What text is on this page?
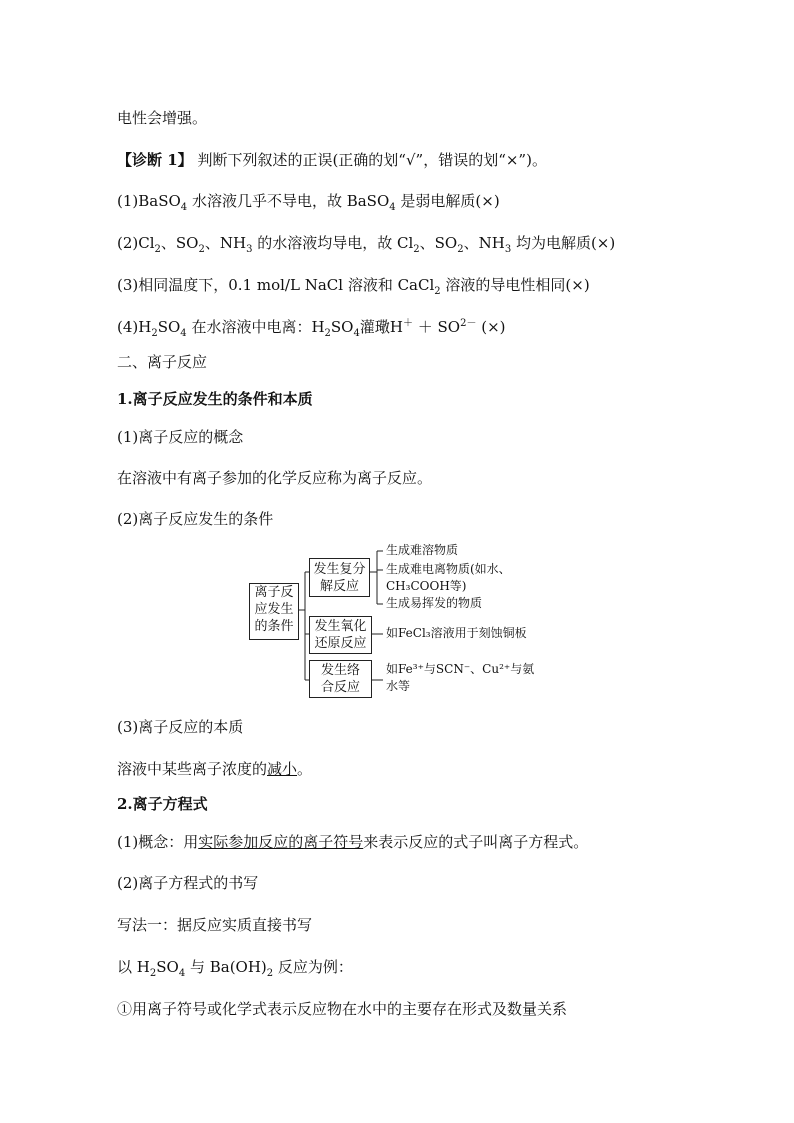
电性会增强。
【诊断 1】 判断下列叙述的正误(正确的划“√”，错误的划“×”)。
(1)BaSO$_4$ 水溶液几乎不导电，故 BaSO$_4$ 是弱电解质(×)
$(2)Cl_2$、$SO_2$、$NH_3$ 的水溶液均导电，故 $Cl_2$、$SO_2$、$NH_3$ 均为电解质(×)
(3)相同温度下，0.1 mol/L NaCl 溶液和 CaCl$_2$ 溶液的导电性相同(×)
$(4)H_2SO_4$ 在水溶液中电离：$H_2SO_4$灌璥$H^+ + SO^{2-}$ (×)
二、离子反应
1.离子反应发生的条件和本质
(1)离子反应的概念
在溶液中有离子参加的化学反应称为离子反应。
(2)离子反应发生的条件
离子反
应发生
的条件
发生复分
解反应
发生氧化
还原反应
发生络
合反应
生成难溶物质
生成难电离物质(如水、
CH₃COOH等)
生成易挥发的物质
如FeCl₃溶液用于刻蚀铜板
如Fe³⁺与SCN⁻、Cu²⁺与氨
水等
(3)离子反应的本质
溶液中某些离子浓度的减小。
2.离子方程式
(1)概念：用实际参加反应的离子符号来表示反应的式子叫离子方程式。
(2)离子方程式的书写
写法一：据反应实质直接书写
以 $H_2SO_4$ 与 $Ba(OH)_2$ 反应为例：
①用离子符号或化学式表示反应物在水中的主要存在形式及数量关系
